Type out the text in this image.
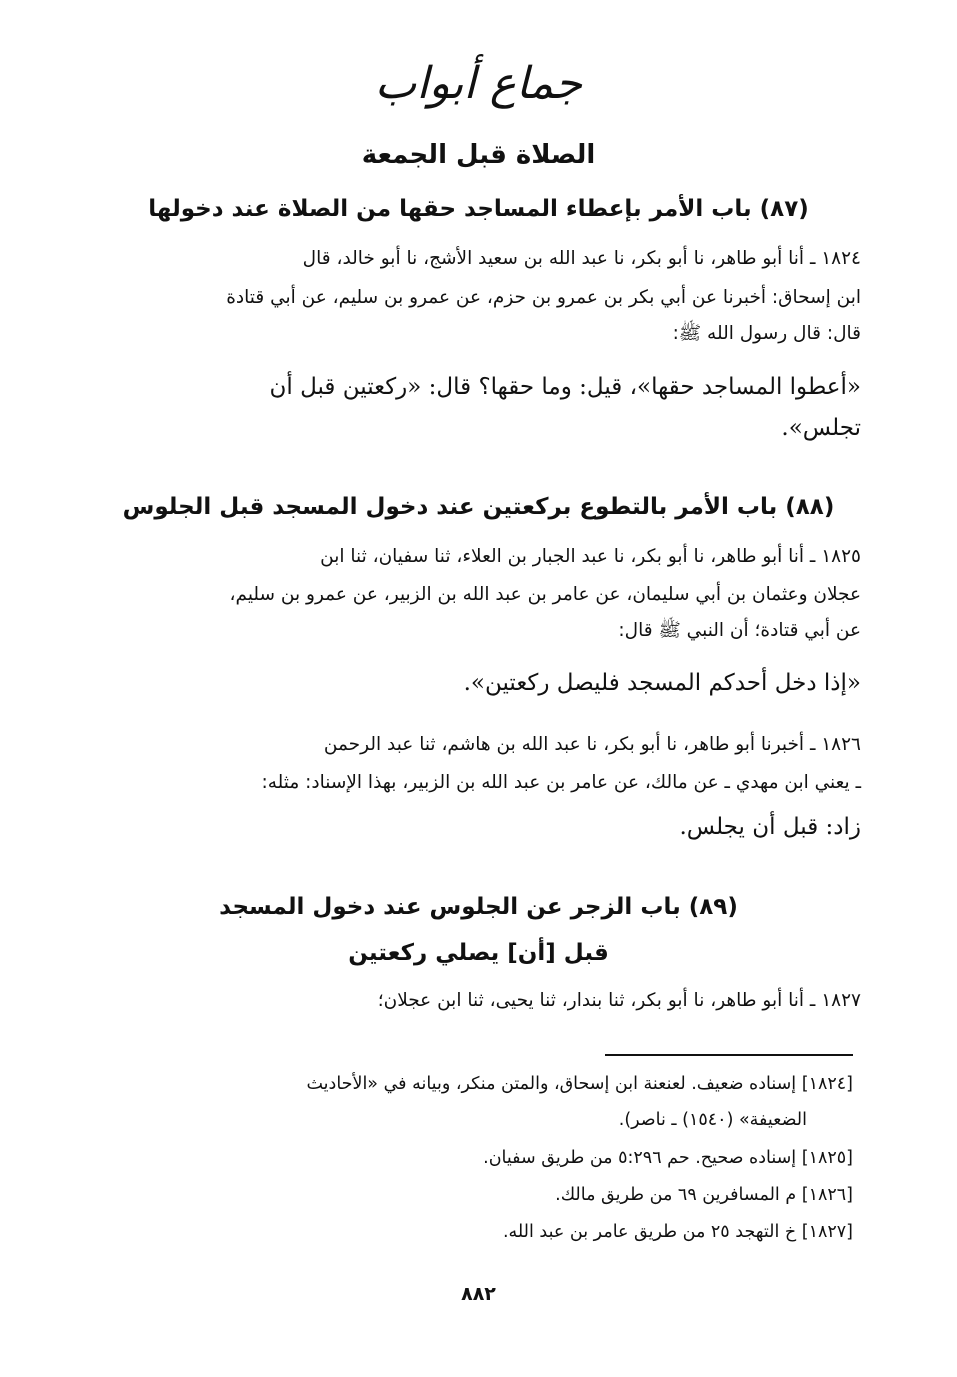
جماع أبواب
الصلاة قبل الجمعة
(٨٧) باب الأمر بإعطاء المساجد حقها من الصلاة عند دخولها
١٨٢٤ ـ أنا أبو طاهر، نا أبو بكر، نا عبد الله بن سعيد الأشج، نا أبو خالد، قال
ابن إسحاق: أخبرنا عن أبي بكر بن عمرو بن حزم، عن عمرو بن سليم، عن أبي قتادة
قال: قال رسول الله ﷺ:
«أعطوا المساجد حقها»، قيل: وما حقها؟ قال: «ركعتين قبل أن
تجلس».
(٨٨) باب الأمر بالتطوع بركعتين عند دخول المسجد قبل الجلوس
١٨٢٥ ـ أنا أبو طاهر، نا أبو بكر، نا عبد الجبار بن العلاء، ثنا سفيان، ثنا ابن
عجلان وعثمان بن أبي سليمان، عن عامر بن عبد الله بن الزبير، عن عمرو بن سليم،
عن أبي قتادة؛ أن النبي ﷺ قال:
«إذا دخل أحدكم المسجد فليصل ركعتين».
١٨٢٦ ـ أخبرنا أبو طاهر، نا أبو بكر، نا عبد الله بن هاشم، ثنا عبد الرحمن
ـ يعني ابن مهدي ـ عن مالك، عن عامر بن عبد الله بن الزبير، بهذا الإسناد: مثله:
زاد: قبل أن يجلس.
(٨٩) باب الزجر عن الجلوس عند دخول المسجد
قبل [أن] يصلي ركعتين
١٨٢٧ ـ أنا أبو طاهر، نا أبو بكر، ثنا بندار، ثنا يحيى، ثنا ابن عجلان؛
[١٨٢٤] إسناده ضعيف. لعنعنة ابن إسحاق، والمتن منكر، وبيانه في «الأحاديث
الضعيفة» (١٥٤٠) ـ ناصر).
[١٨٢٥] إسناده صحيح. حم ٥:٢٩٦ من طريق سفيان.
[١٨٢٦] م المسافرين ٦٩ من طريق مالك.
[١٨٢٧] خ التهجد ٢٥ من طريق عامر بن عبد الله.
٨٨٢
